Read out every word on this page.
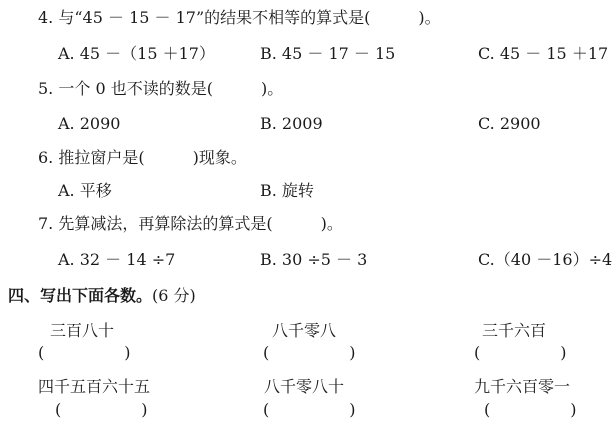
4. 与“45 － 15 － 17”的结果不相等的算式是(　　　)。
A. 45 －（15 ＋17）	B. 45 － 17 － 15	C. 45 － 15 ＋17
5. 一个 0 也不读的数是(　　　)。
A. 2090	B. 2009	C. 2900
6. 推拉窗户是(　　　)现象。
A. 平移	B. 旋转
7. 先算减法，再算除法的算式是(　　　)。
A. 32 － 14 ÷7	B. 30 ÷5 － 3	C.（40 －16）÷4
四、写出下面各数。(6 分)
三百八十	八千零八	三千六百
(　　　　　)	(　　　　　)	(　　　　　)
四千五百六十五	八千零八十	九千六百零一
(　　　　　)	(　　　　　)	(　　　　　)
